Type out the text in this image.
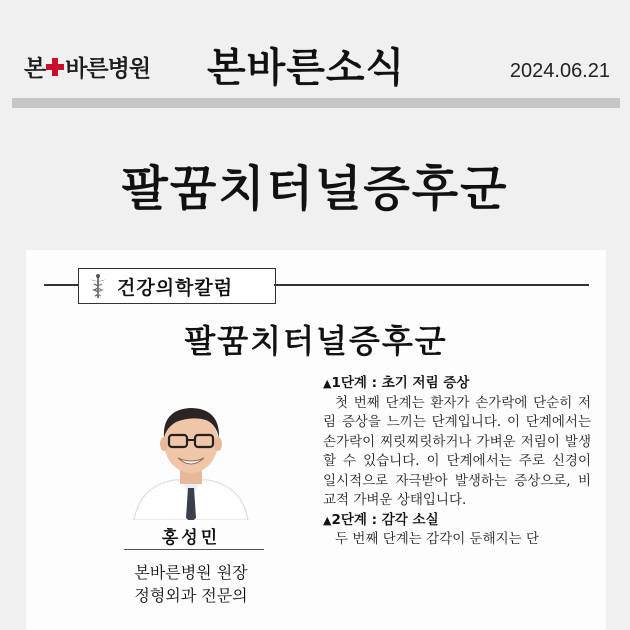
본 바른병원 본바른소식	2024.06.21
팔꿈치터널증후군
건강의학칼럼
팔꿈치터널증후군
홍성민
본바른병원 원장
정형외과 전문의

▲1단계 : 초기 저림 증상

첫 번째 단계는 환자가 손가락에 단순히 저림 증상을 느끼는 단계입니다. 이 단계에서는 손가락이 찌릿찌릿하거나 가벼운 저림이 발생할 수 있습니다. 이 단계에서는 주로 신경이 일시적으로 자극받아 발생하는 증상으로, 비교적 가벼운 상태입니다.

▲2단계 : 감각 소실

두 번째 단계는 감각이 둔해지는 단
